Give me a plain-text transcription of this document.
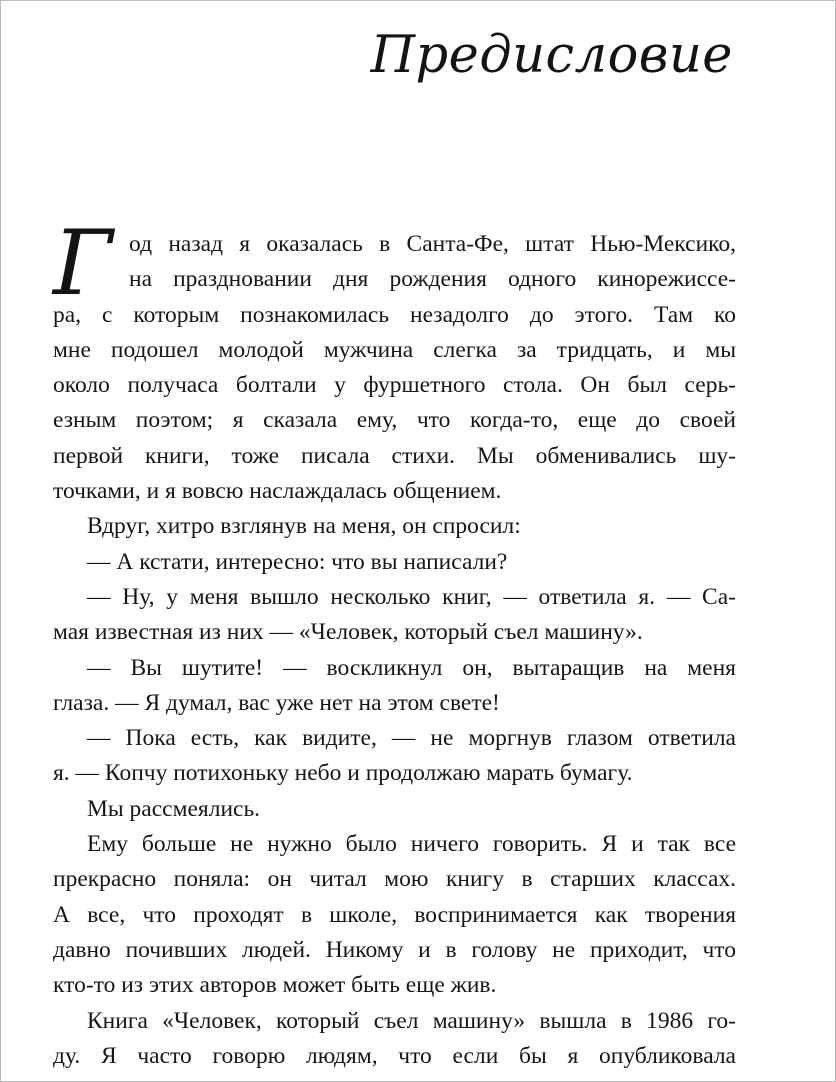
Предисловие
Г од назад я оказалась в Санта-Фе, штат Нью-Мексико,
на праздновании дня рождения одного кинорежиссе-
ра, с которым познакомилась незадолго до этого. Там ко
мне подошел молодой мужчина слегка за тридцать, и мы
около получаса болтали у фуршетного стола. Он был серь-
езным поэтом; я сказала ему, что когда-то, еще до своей
первой книги, тоже писала стихи. Мы обменивались шу-
точками, и я вовсю наслаждалась общением.
Вдруг, хитро взглянув на меня, он спросил:
— А кстати, интересно: что вы написали?
— Ну, у меня вышло несколько книг, — ответила я. — Са-
мая известная из них — «Человек, который съел машину».
— Вы шутите! — воскликнул он, вытаращив на меня
глаза. — Я думал, вас уже нет на этом свете!
— Пока есть, как видите, — не моргнув глазом ответила
я. — Копчу потихоньку небо и продолжаю марать бумагу.
Мы рассмеялись.
Ему больше не нужно было ничего говорить. Я и так все
прекрасно поняла: он читал мою книгу в старших классах.
А все, что проходят в школе, воспринимается как творения
давно почивших людей. Никому и в голову не приходит, что
кто-то из этих авторов может быть еще жив.
Книга «Человек, который съел машину» вышла в 1986 го-
ду. Я часто говорю людям, что если бы я опубликовала
